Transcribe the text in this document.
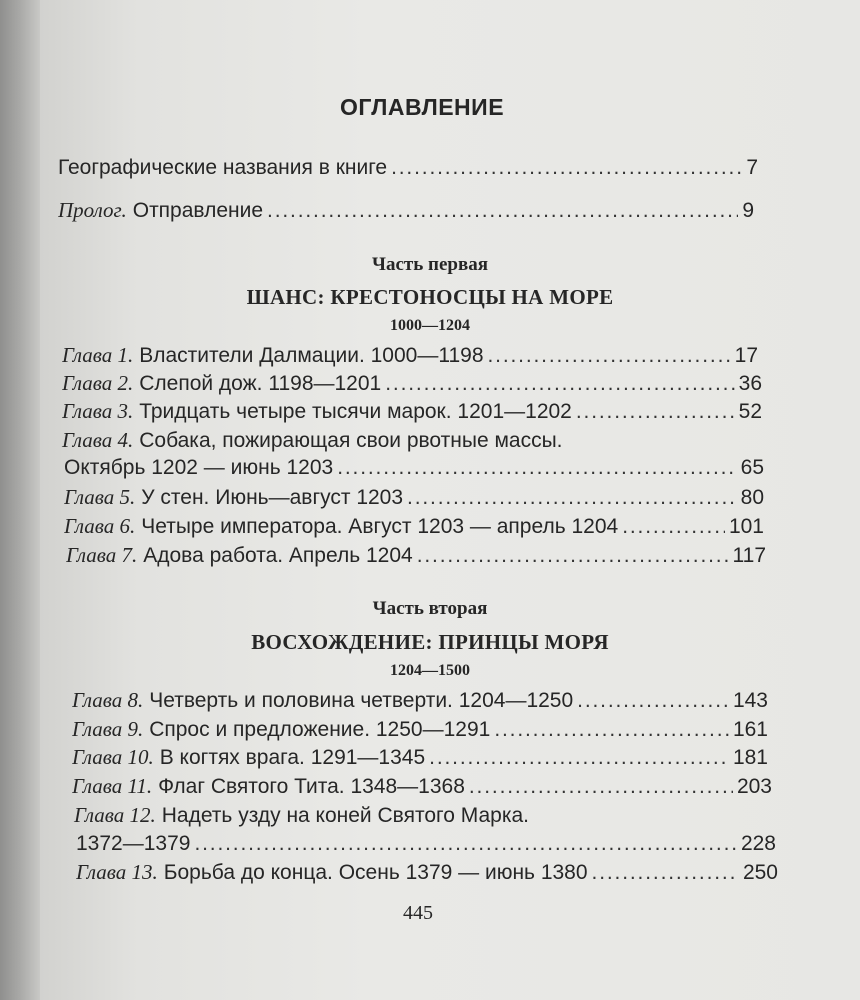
ОГЛАВЛЕНИЕ
Географические названия в книге . . .	7
Пролог. Отправление . . .	9
Часть первая
ШАНС: КРЕСТОНОСЦЫ НА МОРЕ
1000—1204
Глава 1. Властители Далмации. 1000—1198 . . .	17
Глава 2. Слепой дож. 1198—1201 . . .	36
Глава 3. Тридцать четыре тысячи марок. 1201—1202 . . .	52
Глава 4. Собака, пожирающая свои рвотные массы.
Октябрь 1202 — июнь 1203 . . .	65
Глава 5. У стен. Июнь—август 1203 . . .	80
Глава 6. Четыре императора. Август 1203 — апрель 1204 . . .	101
Глава 7. Адова работа. Апрель 1204 . . .	117
Часть вторая
ВОСХОЖДЕНИЕ: ПРИНЦЫ МОРЯ
1204—1500
Глава 8. Четверть и половина четверти. 1204—1250 . . .	143
Глава 9. Спрос и предложение. 1250—1291 . . .	161
Глава 10. В когтях врага. 1291—1345 . . .	181
Глава 11. Флаг Святого Тита. 1348—1368 . . .	203
Глава 12. Надеть узду на коней Святого Марка.
1372—1379 . . .	228
Глава 13. Борьба до конца. Осень 1379 — июнь 1380 . . .	250
445
